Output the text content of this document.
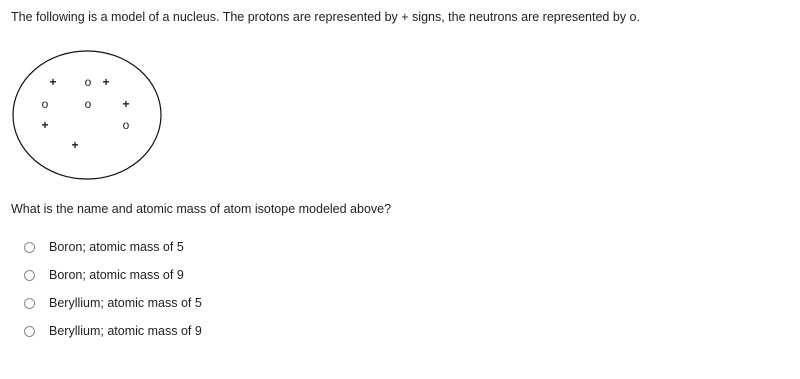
The following is a model of a nucleus. The protons are represented by + signs, the neutrons are represented by o.
+ o +
o	o	+
+	o
+
What is the name and atomic mass of atom isotope modeled above?
Boron; atomic mass of 5
Boron; atomic mass of 9
Beryllium; atomic mass of 5
Beryllium; atomic mass of 9
